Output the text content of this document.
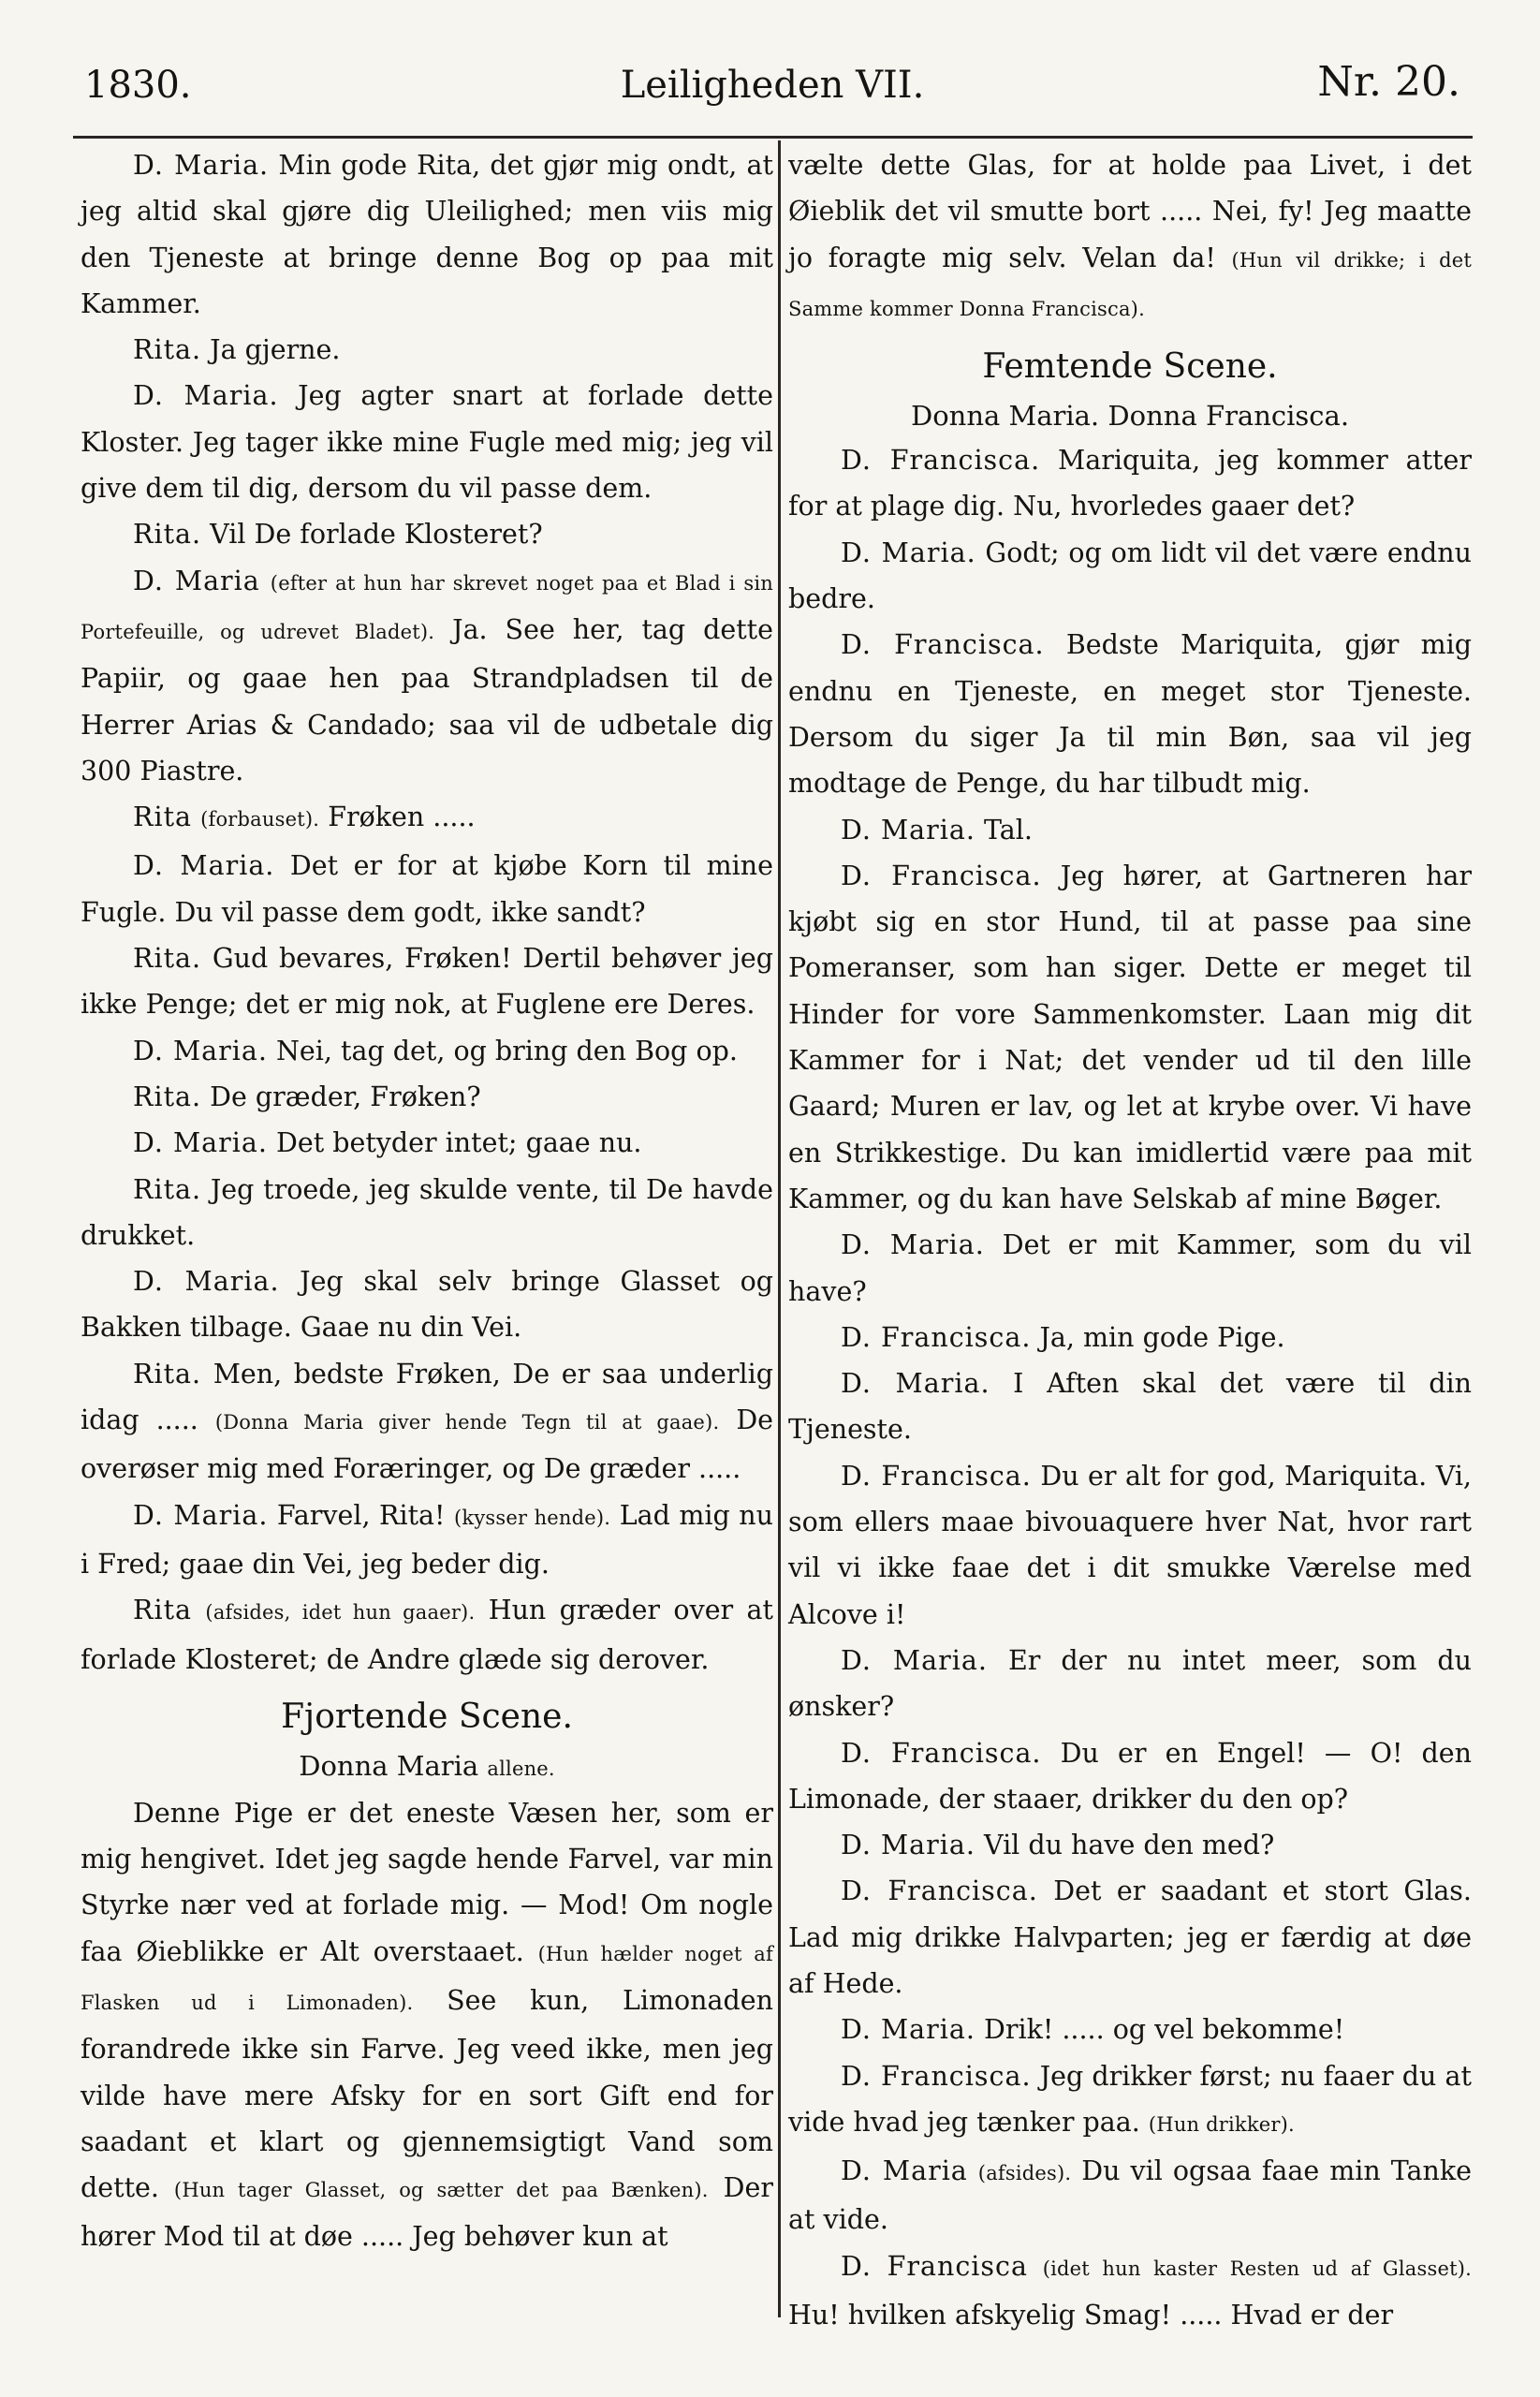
Leiligheden VII.
1830.	Nr. 20.

D. Maria. Min gode Rita, det gjør mig ondt, at jeg altid skal gjøre dig Uleilighed; men viis mig den Tjeneste at bringe denne Bog op paa mit Kammer.

Rita. Ja gjerne.

D. Maria. Jeg agter snart at forlade dette Kloster. Jeg tager ikke mine Fugle med mig; jeg vil give dem til dig, dersom du vil passe dem.

Rita. Vil De forlade Klosteret?

D. Maria (efter at hun har skrevet noget paa et Blad i sin Portefeuille, og udrevet Bladet). Ja. See her, tag dette Papiir, og gaae hen paa Strandpladsen til de Herrer Arias & Candado; saa vil de udbetale dig 300 Piastre.

Rita (forbauset). Frøken .....

D. Maria. Det er for at kjøbe Korn til mine Fugle. Du vil passe dem godt, ikke sandt?

Rita. Gud bevares, Frøken! Dertil behøver jeg ikke Penge; det er mig nok, at Fuglene ere Deres.

D. Maria. Nei, tag det, og bring den Bog op.

Rita. De græder, Frøken?

D. Maria. Det betyder intet; gaae nu.

Rita. Jeg troede, jeg skulde vente, til De havde drukket.

D. Maria. Jeg skal selv bringe Glasset og Bakken tilbage. Gaae nu din Vei.

Rita. Men, bedste Frøken, De er saa underlig idag ..... (Donna Maria giver hende Tegn til at gaae). De overøser mig med Foræringer, og De græder .....

D. Maria. Farvel, Rita! (kysser hende). Lad mig nu i Fred; gaae din Vei, jeg beder dig.

Rita (afsides, idet hun gaaer). Hun græder over at forlade Klosteret; de Andre glæde sig derover.

Fjortende Scene.
Donna Maria allene.

Denne Pige er det eneste Væsen her, som er mig hengivet. Idet jeg sagde hende Farvel, var min Styrke nær ved at forlade mig. — Mod! Om nogle faa Øieblikke er Alt overstaaet. (Hun hælder noget af Flasken ud i Limonaden). See kun, Limonaden forandrede ikke sin Farve. Jeg veed ikke, men jeg vilde have mere Afsky for en sort Gift end for saadant et klart og gjennemsigtigt Vand som dette. (Hun tager Glasset, og sætter det paa Bænken). Der hører Mod til at døe ..... Jeg behøver kun at

vælte dette Glas, for at holde paa Livet, i det Øieblik det vil smutte bort ..... Nei, fy! Jeg maatte jo foragte mig selv. Velan da! (Hun vil drikke; i det Samme kommer Donna Francisca).

Femtende Scene.
Donna Maria. Donna Francisca.

D. Francisca. Mariquita, jeg kommer atter for at plage dig. Nu, hvorledes gaaer det?

D. Maria. Godt; og om lidt vil det være endnu bedre.

D. Francisca. Bedste Mariquita, gjør mig endnu en Tjeneste, en meget stor Tjeneste. Dersom du siger Ja til min Bøn, saa vil jeg modtage de Penge, du har tilbudt mig.

D. Maria. Tal.

D. Francisca. Jeg hører, at Gartneren har kjøbt sig en stor Hund, til at passe paa sine Pomeranser, som han siger. Dette er meget til Hinder for vore Sammenkomster. Laan mig dit Kammer for i Nat; det vender ud til den lille Gaard; Muren er lav, og let at krybe over. Vi have en Strikkestige. Du kan imidlertid være paa mit Kammer, og du kan have Selskab af mine Bøger.

D. Maria. Det er mit Kammer, som du vil have?

D. Francisca. Ja, min gode Pige.

D. Maria. I Aften skal det være til din Tjeneste.

D. Francisca. Du er alt for god, Mariquita. Vi, som ellers maae bivouaquere hver Nat, hvor rart vil vi ikke faae det i dit smukke Værelse med Alcove i!

D. Maria. Er der nu intet meer, som du ønsker?

D. Francisca. Du er en Engel! — O! den Limonade, der staaer, drikker du den op?

D. Maria. Vil du have den med?

D. Francisca. Det er saadant et stort Glas. Lad mig drikke Halvparten; jeg er færdig at døe af Hede.

D. Maria. Drik! ..... og vel bekomme!

D. Francisca. Jeg drikker først; nu faaer du at vide hvad jeg tænker paa. (Hun drikker).

D. Maria (afsides). Du vil ogsaa faae min Tanke at vide.

D. Francisca (idet hun kaster Resten ud af Glasset). Hu! hvilken afskyelig Smag! ..... Hvad er der
